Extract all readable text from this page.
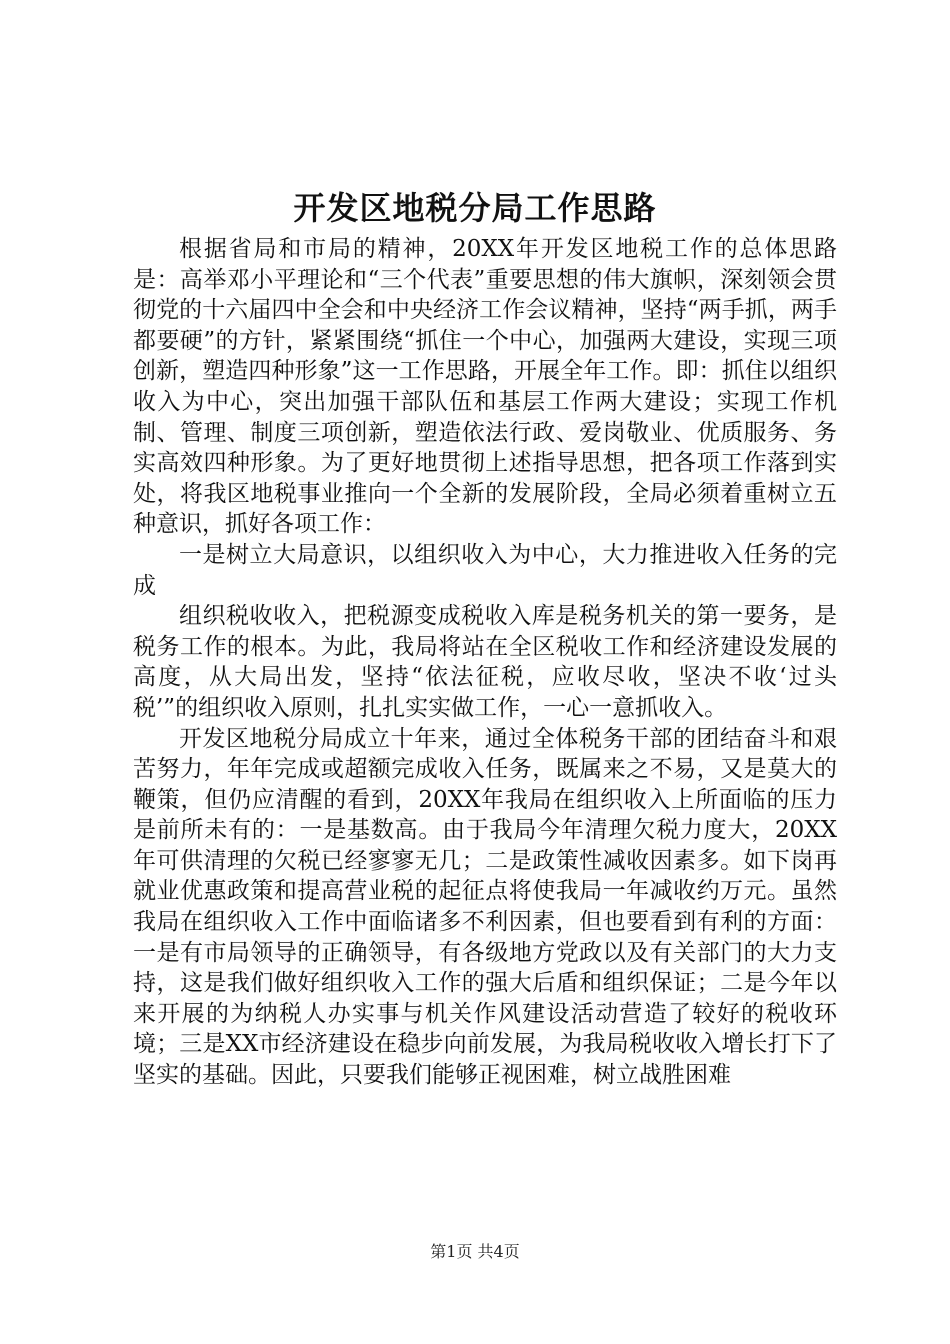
开发区地税分局工作思路

根据省局和市局的精神，20XX年开发区地税工作的总体思路是：高举邓小平理论和“三个代表”重要思想的伟大旗帜，深刻领会贯彻党的十六届四中全会和中央经济工作会议精神，坚持“两手抓，两手都要硬”的方针，紧紧围绕“抓住一个中心，加强两大建设，实现三项创新，塑造四种形象”这一工作思路，开展全年工作。即：抓住以组织收入为中心，突出加强干部队伍和基层工作两大建设；实现工作机制、管理、制度三项创新，塑造依法行政、爱岗敬业、优质服务、务实高效四种形象。为了更好地贯彻上述指导思想，把各项工作落到实处，将我区地税事业推向一个全新的发展阶段，全局必须着重树立五种意识，抓好各项工作：

一是树立大局意识，以组织收入为中心，大力推进收入任务的完成

组织税收收入，把税源变成税收入库是税务机关的第一要务，是税务工作的根本。为此，我局将站在全区税收工作和经济建设发展的高度，从大局出发，坚持“依法征税，应收尽收，坚决不收‘过头税’”的组织收入原则，扎扎实实做工作，一心一意抓收入。

开发区地税分局成立十年来，通过全体税务干部的团结奋斗和艰苦努力，年年完成或超额完成收入任务，既属来之不易，又是莫大的鞭策，但仍应清醒的看到，20XX年我局在组织收入上所面临的压力是前所未有的：一是基数高。由于我局今年清理欠税力度大，20XX年可供清理的欠税已经寥寥无几；二是政策性减收因素多。如下岗再就业优惠政策和提高营业税的起征点将使我局一年减收约万元。虽然我局在组织收入工作中面临诸多不利因素，但也要看到有利的方面：一是有市局领导的正确领导，有各级地方党政以及有关部门的大力支持，这是我们做好组织收入工作的强大后盾和组织保证；二是今年以来开展的为纳税人办实事与机关作风建设活动营造了较好的税收环境；三是XX市经济建设在稳步向前发展，为我局税收收入增长打下了坚实的基础。因此，只要我们能够正视困难，树立战胜困难

第1页 共4页
